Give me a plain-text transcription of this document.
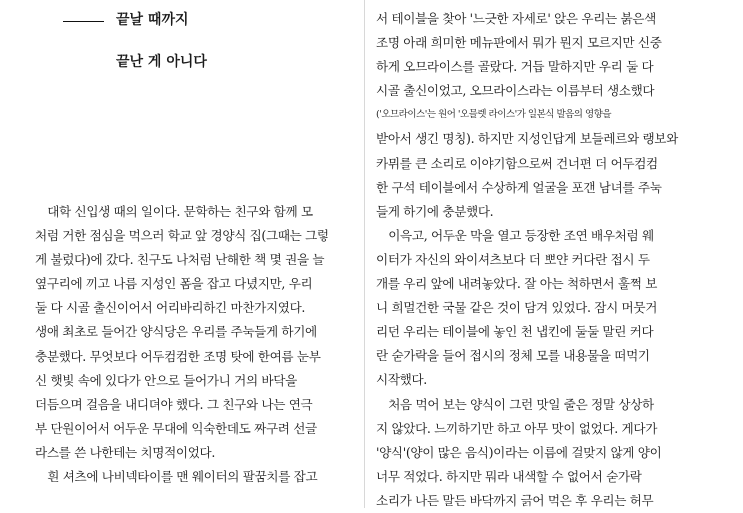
끝날 때까지
끝난 게 아니다
　대학 신입생 때의 일이다. 문학하는 친구와 함께 모
처럼 거한 점심을 먹으러 학교 앞 경양식 집(그때는 그렇
게 불렀다)에 갔다. 친구도 나처럼 난해한 책 몇 권을 늘
옆구리에 끼고 나름 지성인 폼을 잡고 다녔지만, 우리
둘 다 시골 출신이어서 어리바리하긴 마찬가지였다.
생애 최초로 들어간 양식당은 우리를 주눅들게 하기에
충분했다. 무엇보다 어두컴컴한 조명 탓에 한여름 눈부
신 햇빛 속에 있다가 안으로 들어가니 거의 바닥을
더듬으며 걸음을 내디뎌야 했다. 그 친구와 나는 연극
부 단원이어서 어두운 무대에 익숙한데도 짜구려 선글
라스를 쓴 나한테는 치명적이었다.
　흰 셔츠에 나비넥타이를 맨 웨이터의 팔꿈치를 잡고
서 테이블을 찾아 '느긋한 자세로' 앉은 우리는 붉은색
조명 아래 희미한 메뉴판에서 뭐가 뭔지 모르지만 신중
하게 오므라이스를 골랐다. 거듭 말하지만 우리 둘 다
시골 출신이었고, 오므라이스라는 이름부터 생소했다
('오므라이스'는 원어 '오믈렛 라이스'가 일본식 발음의 영향을
받아서 생긴 명칭). 하지만 지성인답게 보들레르와 랭보와
카뮈를 큰 소리로 이야기함으로써 건너편 더 어두컴컴
한 구석 테이블에서 수상하게 얼굴을 포갠 남녀를 주눅
들게 하기에 충분했다.
　이윽고, 어두운 막을 열고 등장한 조연 배우처럼 웨
이터가 자신의 와이셔츠보다 더 뽀얀 커다란 접시 두
개를 우리 앞에 내려놓았다. 잘 아는 척하면서 훌쩍 보
니 희멀건한 국물 같은 것이 담겨 있었다. 잠시 머뭇거
리던 우리는 테이블에 놓인 천 냅킨에 둘둘 말린 커다
란 숟가락을 들어 접시의 정체 모를 내용물을 떠먹기
시작했다.
　처음 먹어 보는 양식이 그런 맛일 줄은 정말 상상하
지 않았다. 느끼하기만 하고 아무 맛이 없었다. 게다가
'양식'(양이 많은 음식)이라는 이름에 걸맞지 않게 양이
너무 적었다. 하지만 뭐라 내색할 수 없어서 숟가락
소리가 나든 말든 바닥까지 긁어 먹은 후 우리는 허무
